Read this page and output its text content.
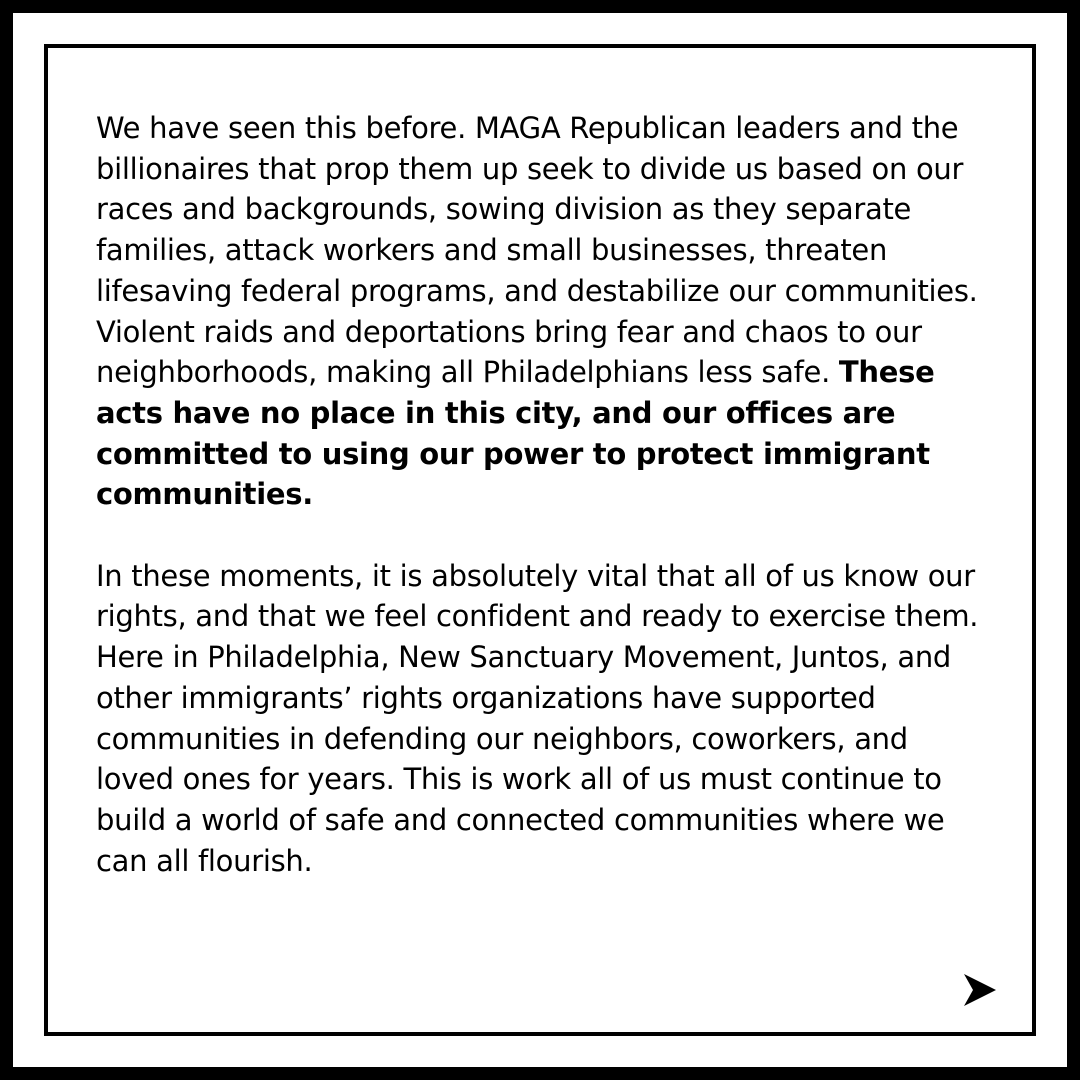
We have seen this before. MAGA Republican leaders and the billionaires that prop them up seek to divide us based on our races and backgrounds, sowing division as they separate families, attack workers and small businesses, threaten lifesaving federal programs, and destabilize our communities. Violent raids and deportations bring fear and chaos to our neighborhoods, making all Philadelphians less safe. These acts have no place in this city, and our offices are committed to using our power to protect immigrant communities.

In these moments, it is absolutely vital that all of us know our rights, and that we feel confident and ready to exercise them. Here in Philadelphia, New Sanctuary Movement, Juntos, and other immigrants’ rights organizations have supported communities in defending our neighbors, coworkers, and loved ones for years. This is work all of us must continue to build a world of safe and connected communities where we can all flourish.
